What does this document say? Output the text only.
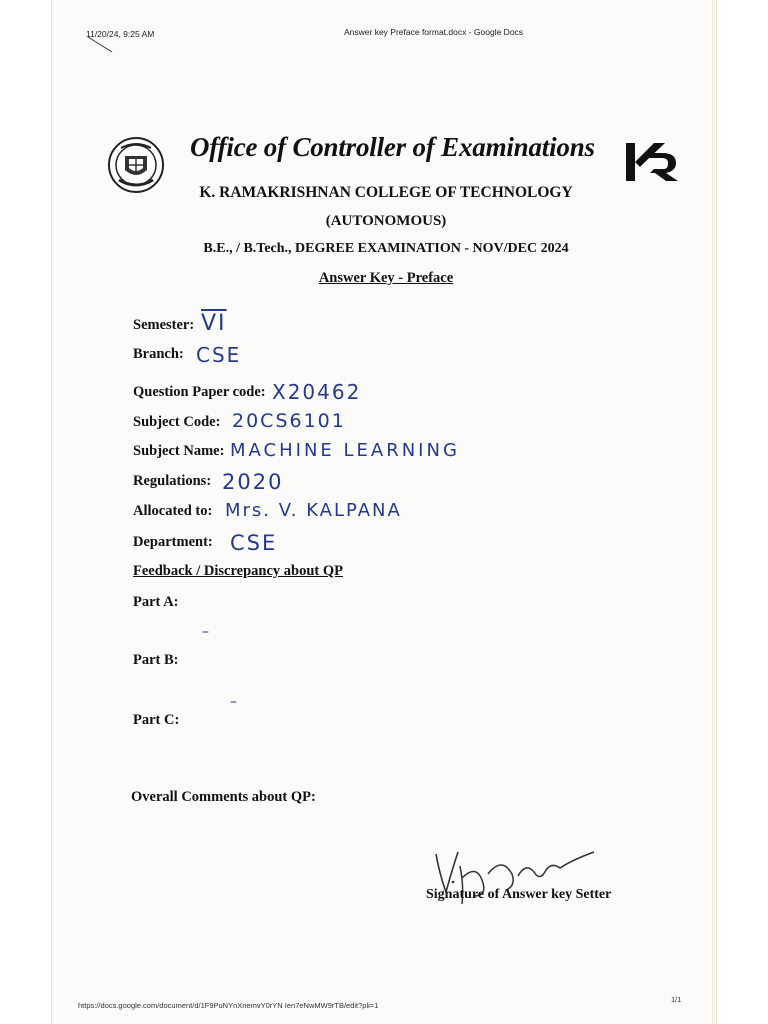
11/20/24, 9:25 AM	Answer key Preface format.docx - Google Docs
Office of Controller of Examinations
K. RAMAKRISHNAN COLLEGE OF TECHNOLOGY
(AUTONOMOUS)
B.E., / B.Tech., DEGREE EXAMINATION - NOV/DEC 2024
Answer Key - Preface
Semester: $\overline{VI}$
Branch: CSE
Question Paper code: X20462
Subject Code: 20CS6101
Subject Name: MACHINE LEARNING
Regulations: 2020
Allocated to: Mrs. V. KALPANA
Department: CSE
Feedback / Discrepancy about QP
Part A:
–
Part B:
–
Part C:
Overall Comments about QP:
Signature of Answer key Setter
https://docs.google.com/document/d/1F9PuNYnXnemvY0rYN Ien7eNwMW9rTB/edit?pli=1
1/1
